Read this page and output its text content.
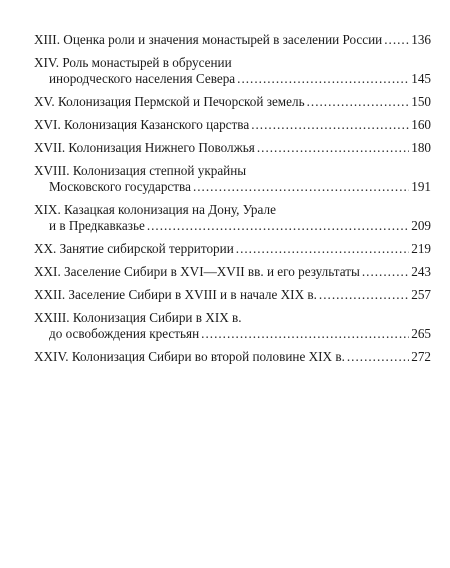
XIII. Оценка роли и значения монастырей в заселении России ..... 136
XIV. Роль монастырей в обрусении
инородческого населения Севера .....	145
XV. Колонизация Пермской и Печорской земель .....	150
XVI. Колонизация Казанского царства .....	160
XVII. Колонизация Нижнего Поволжья .....	180
XVIII. Колонизация степной украйны
Московского государства .....	191
XIX. Казацкая колонизация на Дону, Урале
и в Предкавказье .....	209
XX. Занятие сибирской территории .....	219
XXI. Заселение Сибири в XVI—XVII вв. и его результаты .....	243
XXII. Заселение Сибири в XVIII и в начале XIX в. .....	257
XXIII. Колонизация Сибири в XIX в.
до освобождения крестьян .....	265
XXIV. Колонизация Сибири во второй половине XIX в. .....	272
